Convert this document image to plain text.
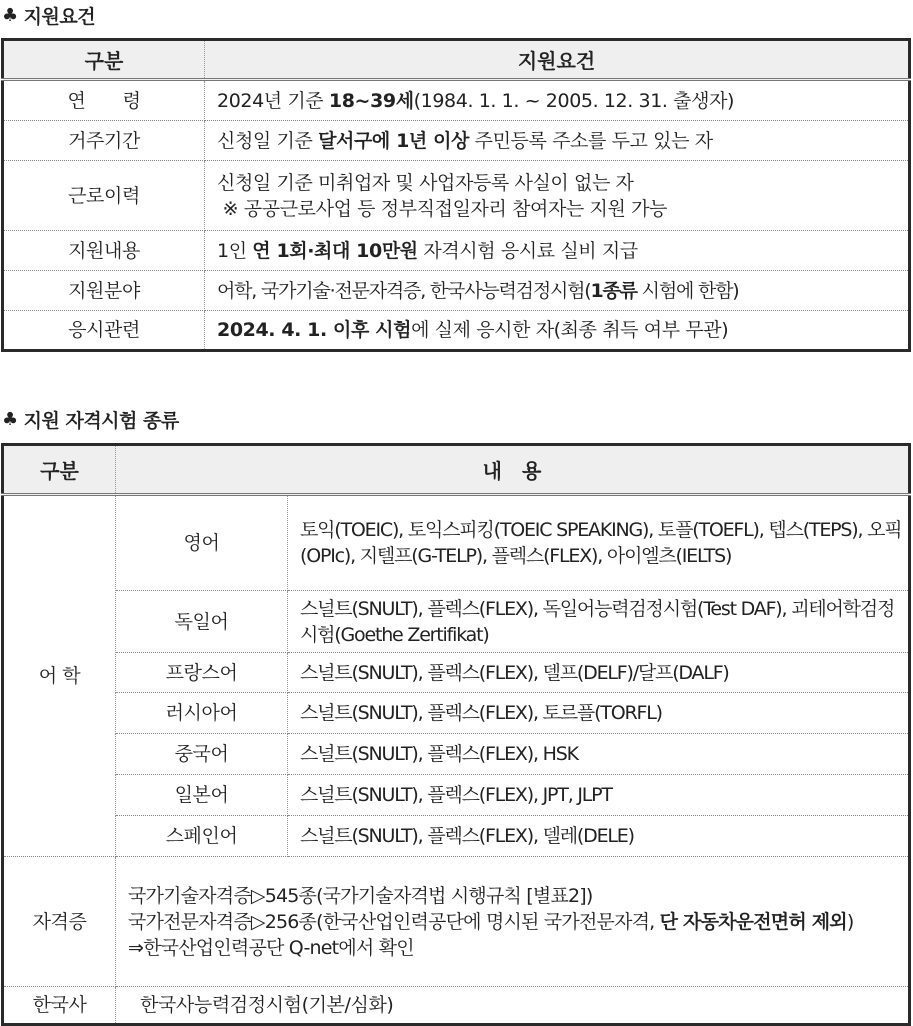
♣ 지원요건
구분	지원요건
연　　령	2024년 기준 18~39세(1984. 1. 1. ~ 2005. 12. 31. 출생자)
거주기간	신청일 기준 달서구에 1년 이상 주민등록 주소를 두고 있는 자
근로이력	신청일 기준 미취업자 및 사업자등록 사실이 없는 자
※ 공공근로사업 등 정부직접일자리 참여자는 지원 가능

지원내용	1인 연 1회·최대 10만원 자격시험 응시료 실비 지급
지원분야	어학, 국가기술·전문자격증, 한국사능력검정시험(1종류 시험에 한함)
응시관련	2024. 4. 1. 이후 시험에 실제 응시한 자(최종 취득 여부 무관)
♣ 지원 자격시험 종류
구분	내　용	
어 학	영어	토익(TOEIC), 토익스피킹(TOEIC SPEAKING), 토플(TOEFL), 텝스(TEPS), 오픽(OPIc), 지텔프(G-TELP), 플렉스(FLEX), 아이엘츠(IELTS)
	독일어	스널트(SNULT), 플렉스(FLEX), 독일어능력검정시험(Test DAF), 괴테어학검정시험(Goethe Zertifikat)
	프랑스어	스널트(SNULT), 플렉스(FLEX), 델프(DELF)/달프(DALF)
	러시아어	스널트(SNULT), 플렉스(FLEX), 토르플(TORFL)
	중국어	스널트(SNULT), 플렉스(FLEX), HSK
	일본어	스널트(SNULT), 플렉스(FLEX), JPT, JLPT
	스페인어	스널트(SNULT), 플렉스(FLEX), 델레(DELE)
자격증	국가기술자격증▷545종(국가기술자격법 시행규칙 [별표2])
국가전문자격증▷256종(한국산업인력공단에 명시된 국가전문자격, 단 자동차운전면허 제외)
⇒한국산업인력공단 Q-net에서 확인	

한국사	한국사능력검정시험(기본/심화)	
